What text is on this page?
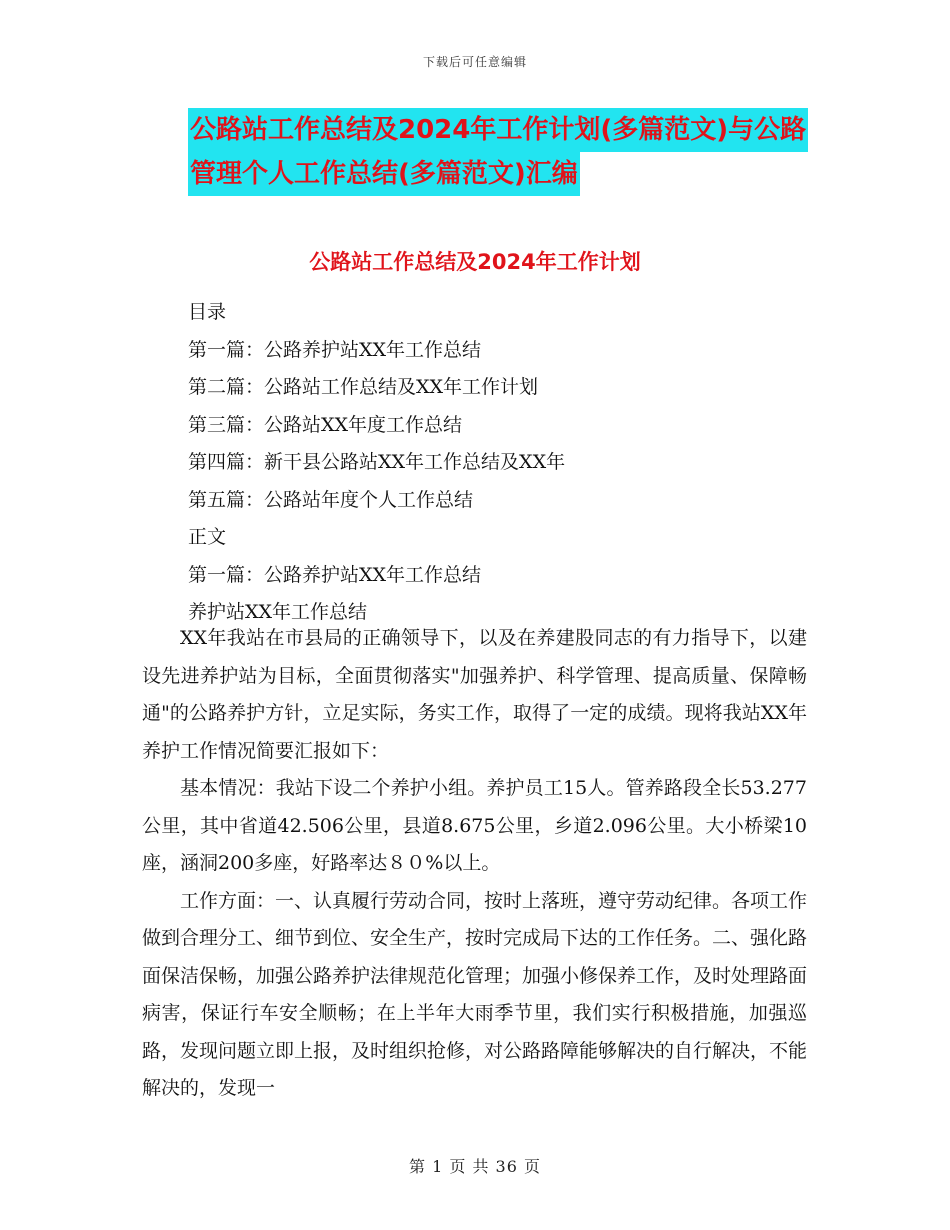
下载后可任意编辑
公路站工作总结及2024年工作计划(多篇范文)与公路
管理个人工作总结(多篇范文)汇编
公路站工作总结及2024年工作计划
目录
第一篇：公路养护站XX年工作总结
第二篇：公路站工作总结及XX年工作计划
第三篇：公路站XX年度工作总结
第四篇：新干县公路站XX年工作总结及XX年
第五篇：公路站年度个人工作总结
正文
第一篇：公路养护站XX年工作总结
养护站XX年工作总结

XX年我站在市县局的正确领导下，以及在养建股同志的有力指导下，以建设先进养护站为目标，全面贯彻落实"加强养护、科学管理、提高质量、保障畅通"的公路养护方针，立足实际，务实工作，取得了一定的成绩。现将我站XX年养护工作情况简要汇报如下：

基本情况：我站下设二个养护小组。养护员工15人。管养路段全长53.277公里，其中省道42.506公里，县道8.675公里，乡道2.096公里。大小桥梁10座，涵洞200多座，好路率达８０%以上。

工作方面：一、认真履行劳动合同，按时上落班，遵守劳动纪律。各项工作做到合理分工、细节到位、安全生产，按时完成局下达的工作任务。二、强化路面保洁保畅，加强公路养护法律规范化管理；加强小修保养工作，及时处理路面病害，保证行车安全顺畅；在上半年大雨季节里，我们实行积极措施，加强巡路，发现问题立即上报，及时组织抢修，对公路路障能够解决的自行解决，不能解决的，发现一

第 1 页 共 36 页
